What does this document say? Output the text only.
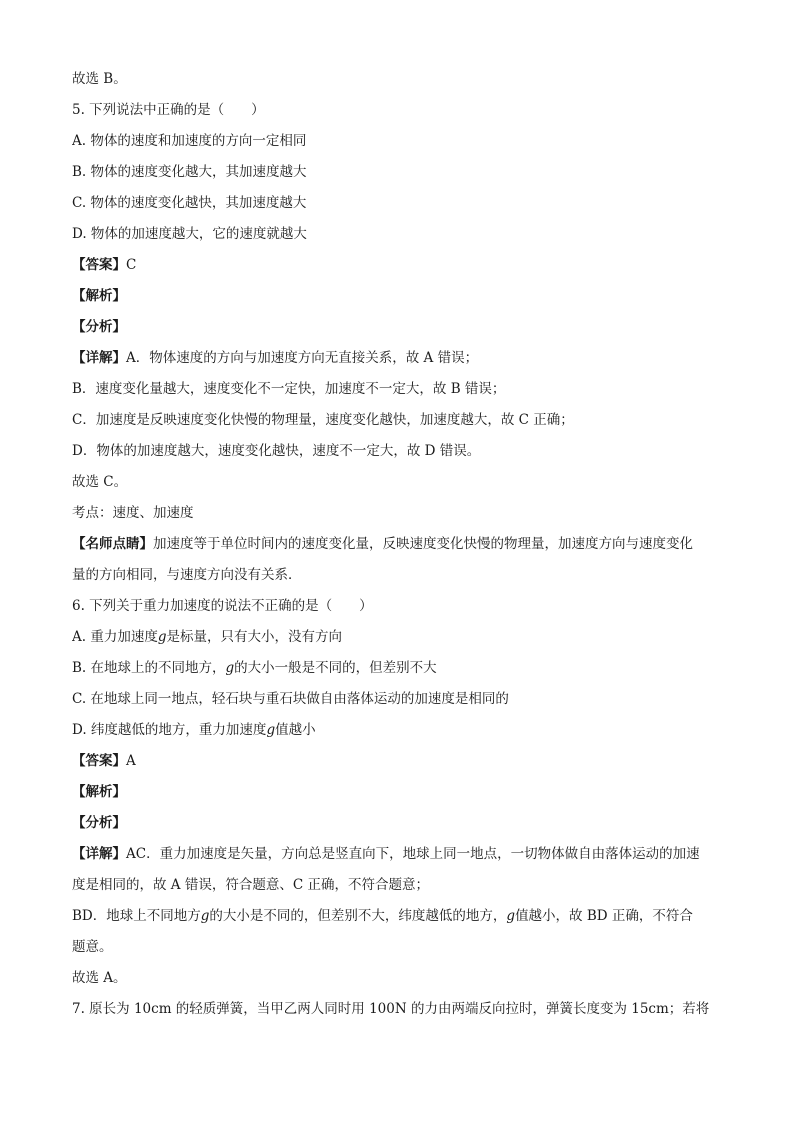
故选 B。
5. 下列说法中正确的是（　　）
A. 物体的速度和加速度的方向一定相同
B. 物体的速度变化越大，其加速度越大
C. 物体的速度变化越快，其加速度越大
D. 物体的加速度越大，它的速度就越大
【答案】C
【解析】
【分析】
【详解】A．物体速度的方向与加速度方向无直接关系，故 A 错误；
B．速度变化量越大，速度变化不一定快，加速度不一定大，故 B 错误；
C．加速度是反映速度变化快慢的物理量，速度变化越快，加速度越大，故 C 正确；
D．物体的加速度越大，速度变化越快，速度不一定大，故 D 错误。
故选 C。
考点：速度、加速度
【名师点睛】加速度等于单位时间内的速度变化量，反映速度变化快慢的物理量，加速度方向与速度变化
量的方向相同，与速度方向没有关系．
6. 下列关于重力加速度的说法不正确的是（　　）
A. 重力加速度g是标量，只有大小，没有方向
B. 在地球上的不同地方，g的大小一般是不同的，但差别不大
C. 在地球上同一地点，轻石块与重石块做自由落体运动的加速度是相同的
D. 纬度越低的地方，重力加速度g值越小
【答案】A
【解析】
【分析】
【详解】AC．重力加速度是矢量，方向总是竖直向下，地球上同一地点，一切物体做自由落体运动的加速
度是相同的，故 A 错误，符合题意、C 正确，不符合题意；
BD．地球上不同地方g的大小是不同的，但差别不大，纬度越低的地方，g值越小，故 BD 正确，不符合
题意。
故选 A。
7. 原长为 10cm 的轻质弹簧，当甲乙两人同时用 100N 的力由两端反向拉时，弹簧长度变为 15cm；若将
